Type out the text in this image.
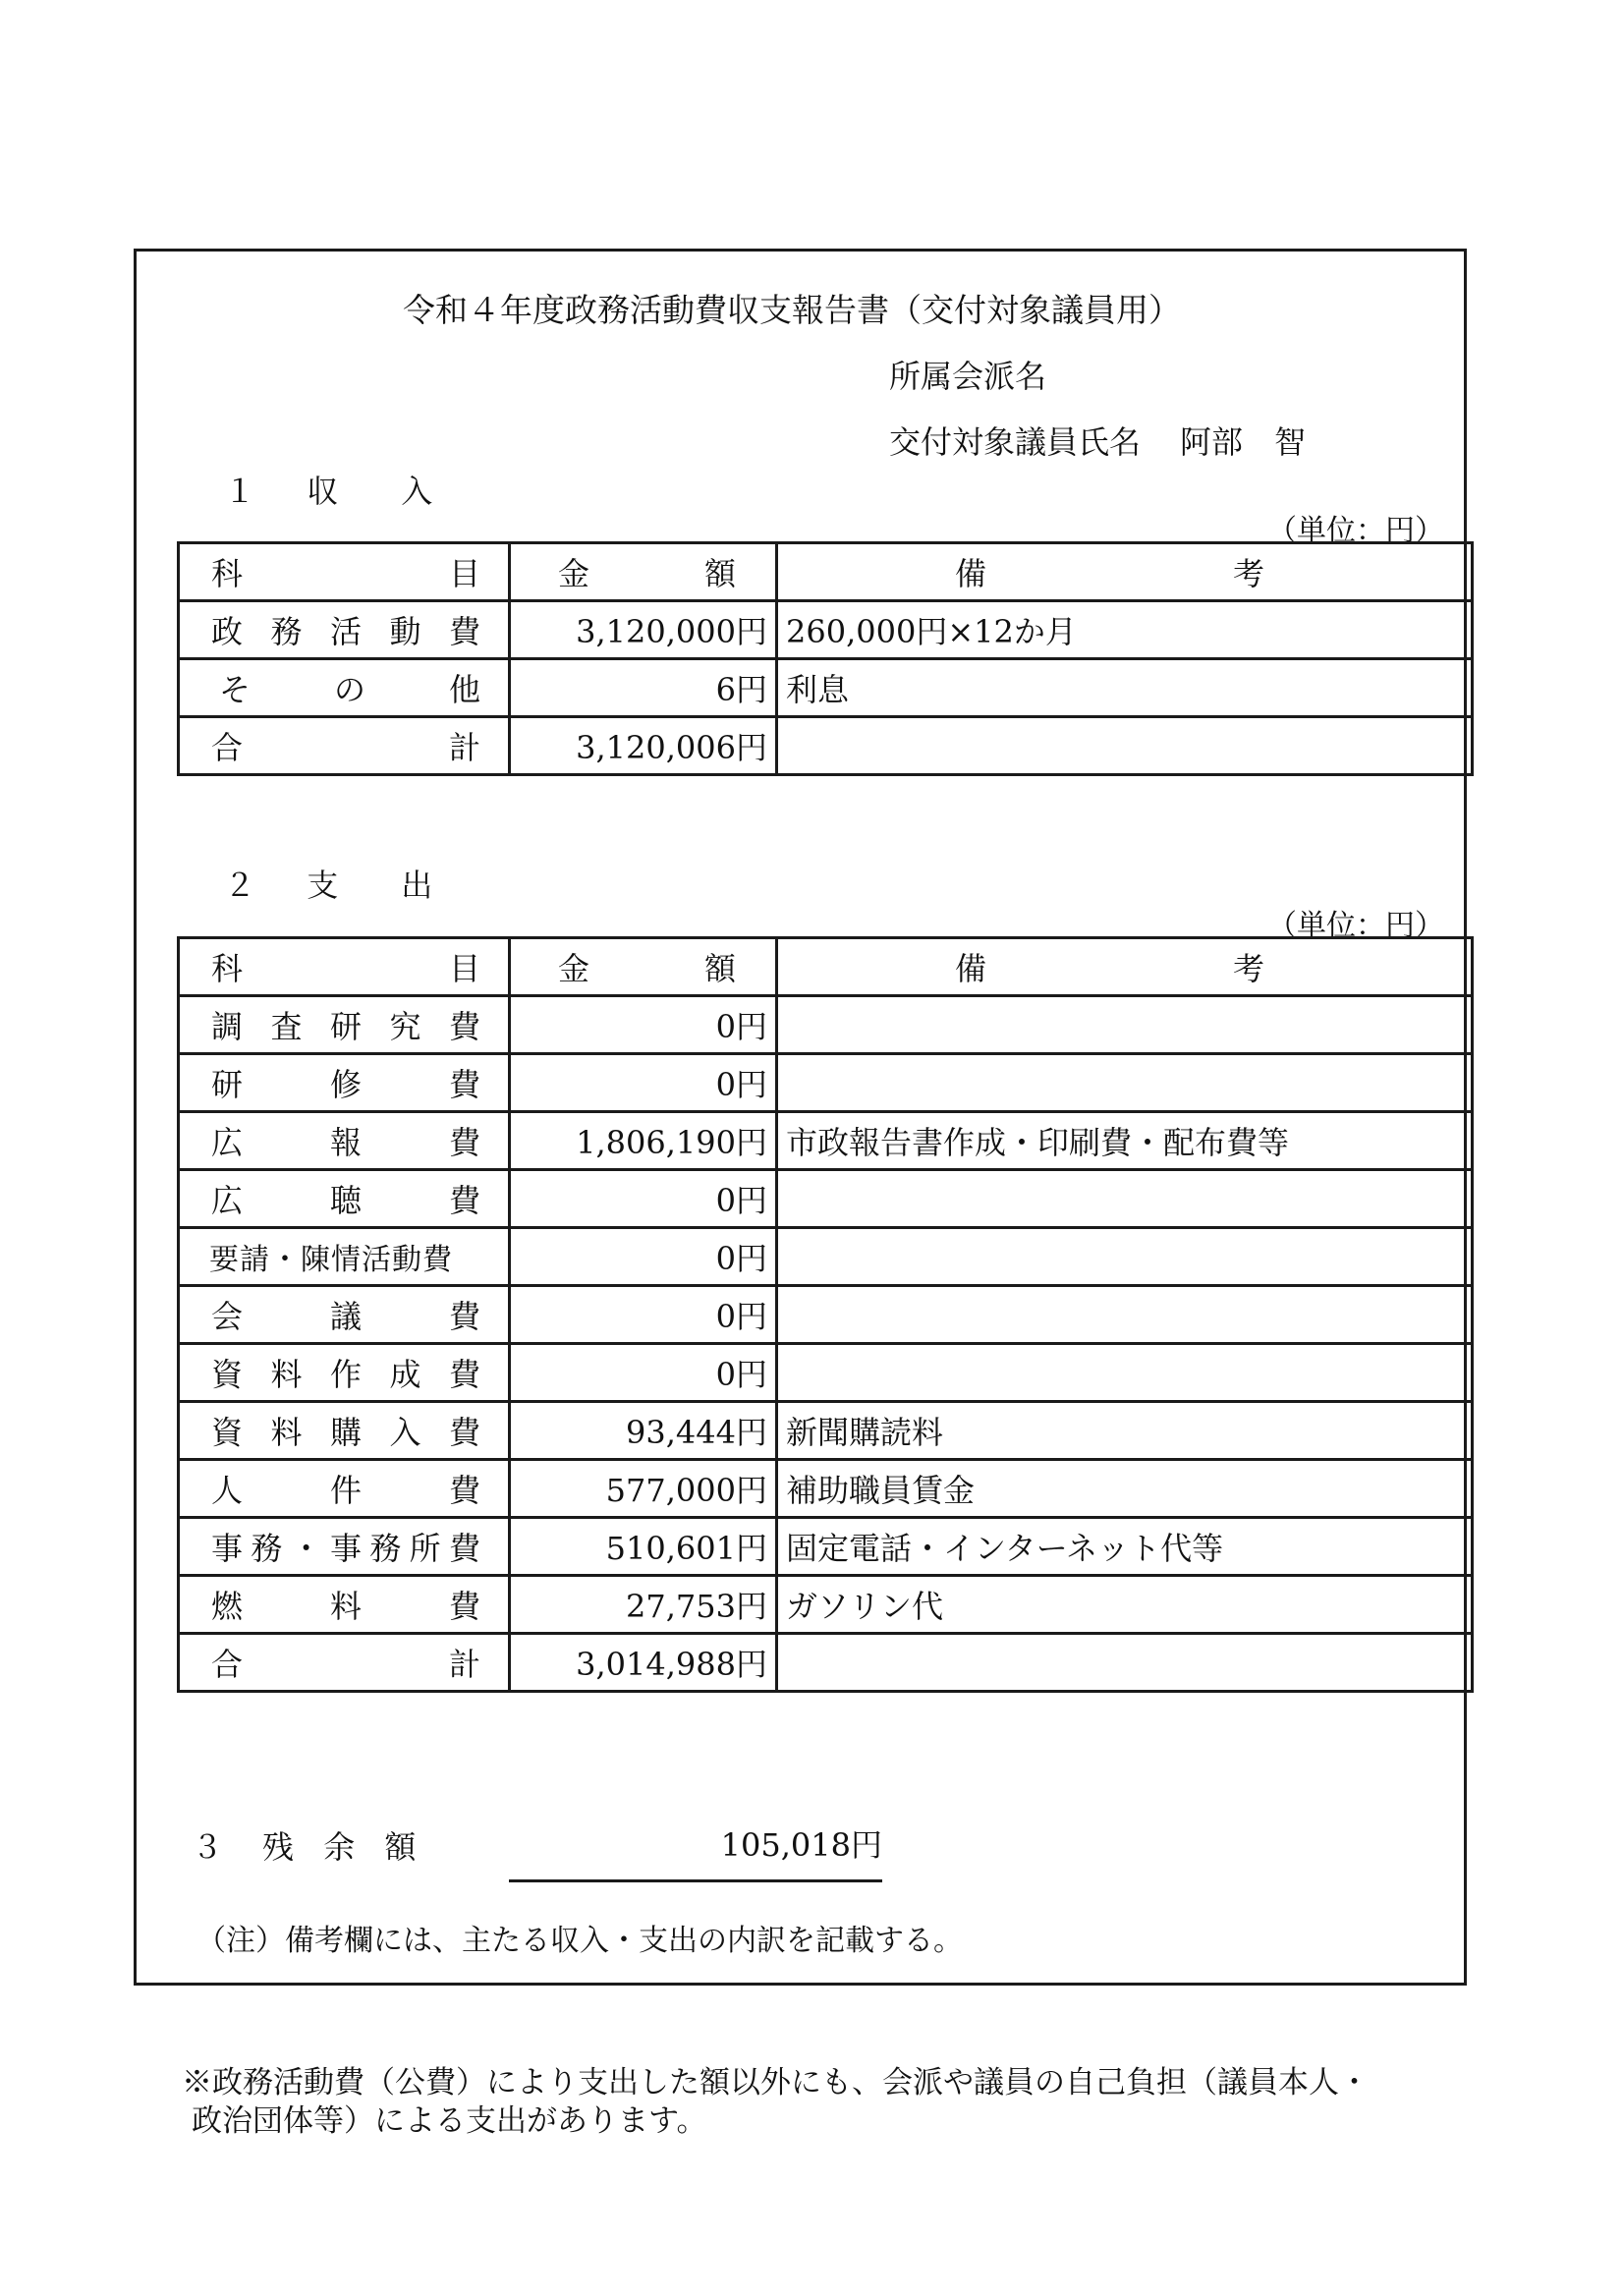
令和４年度政務活動費収支報告書（交付対象議員用）
所属会派名
交付対象議員氏名 阿部　智
１ 収　　入
（単位：円）
科目	金額	備考
政務活動費	3,120,000円	260,000円×12か月
その他	6円	利息
合計	3,120,006円	
２ 支　　出
（単位：円）
科目	金額	備考
調査研究費	0円	
研修費	0円	
広報費	1,806,190円	市政報告書作成・印刷費・配布費等
広聴費	0円	
要請・陳情活動費	0円	
会議費	0円	
資料作成費	0円	
資料購入費	93,444円	新聞購読料
人件費	577,000円	補助職員賃金
事務・事務所費	510,601円	固定電話・インターネット代等
燃料費	27,753円	ガソリン代
合計	3,014,988円	
３ 残 余 額	105,018円
（注）備考欄には、主たる収入・支出の内訳を記載する。
※政務活動費（公費）により支出した額以外にも、会派や議員の自己負担（議員本人・
政治団体等）による支出があります。
